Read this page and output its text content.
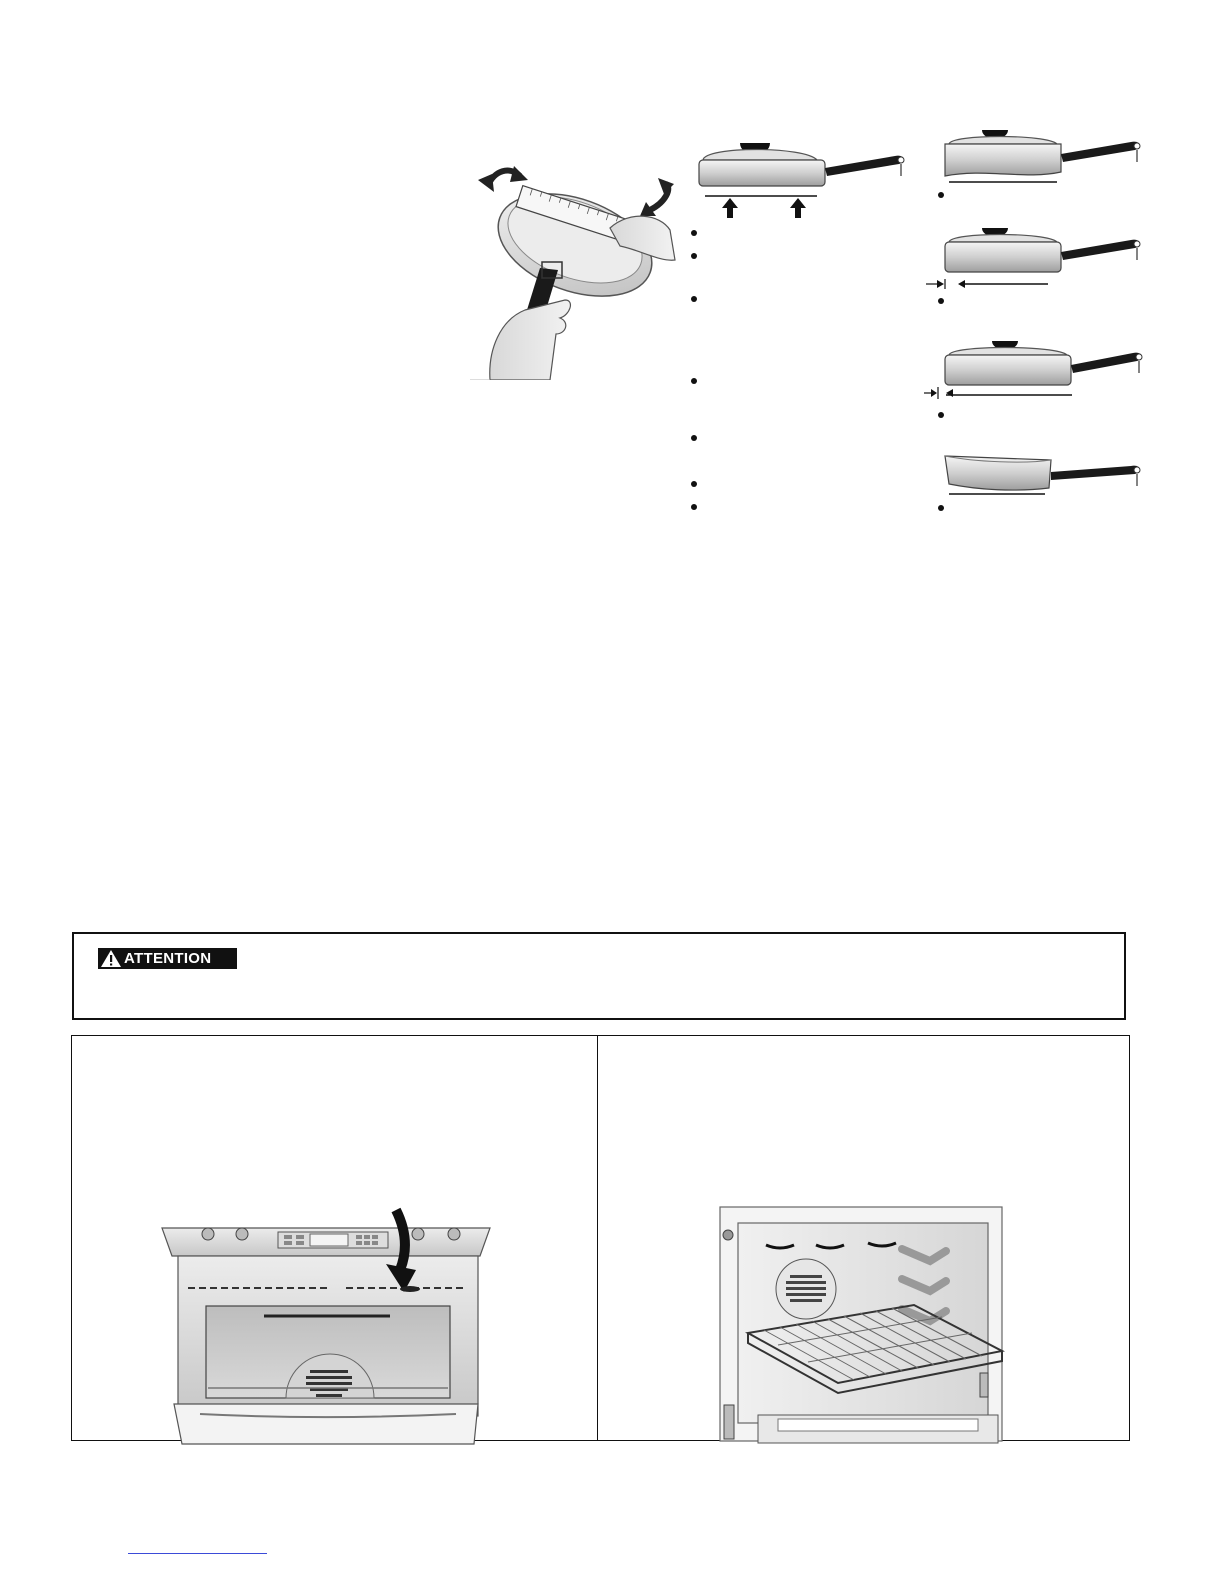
ATTENTION
